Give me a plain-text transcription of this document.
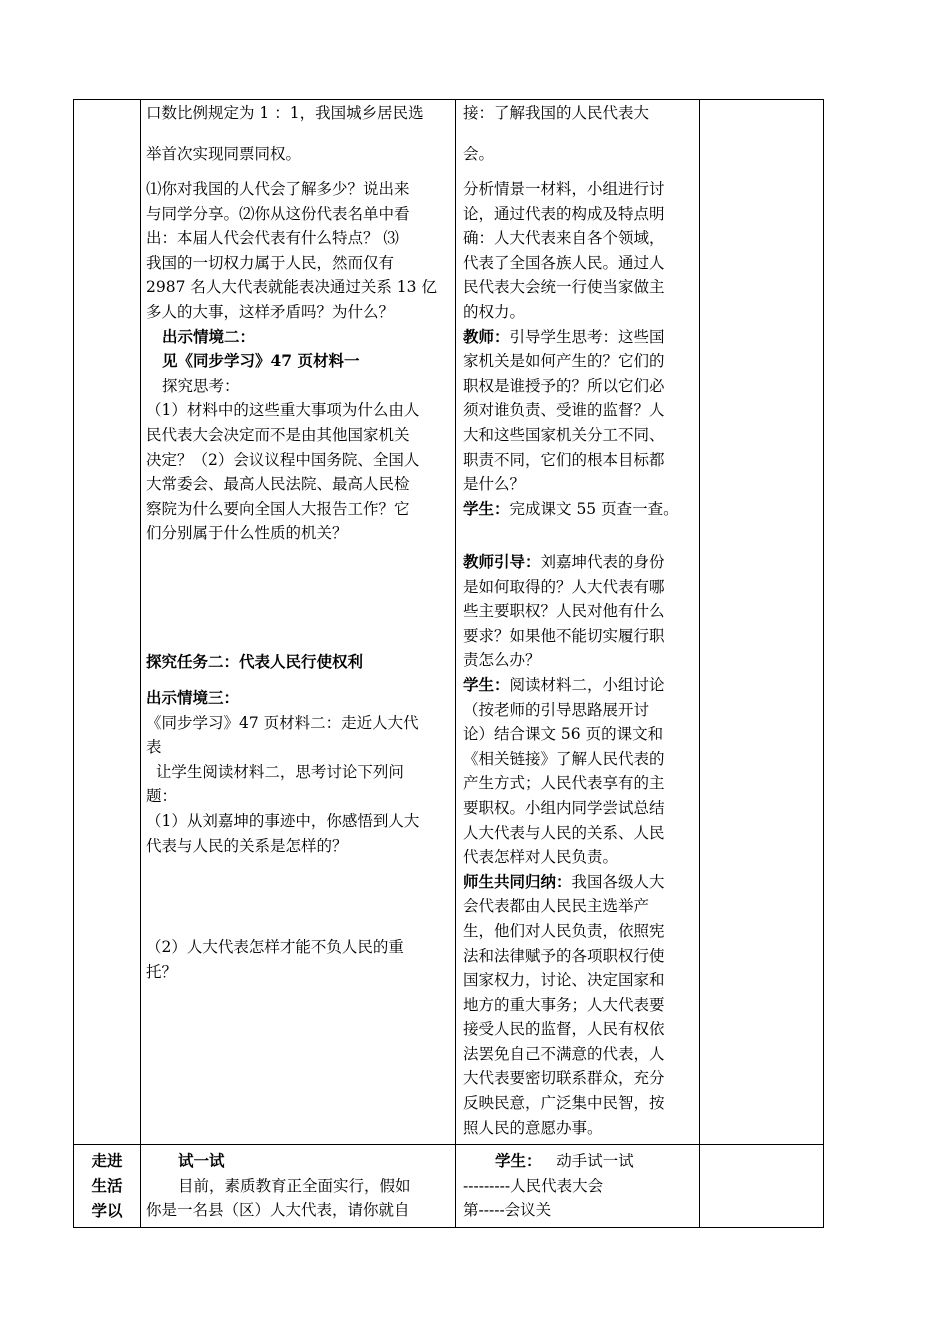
口数比例规定为 1 ：1，我国城乡居民选
举首次实现同票同权。
⑴你对我国的人代会了解多少？说出来
与同学分享。⑵你从这份代表名单中看
出：本届人代会代表有什么特点？ ⑶
我国的一切权力属于人民，然而仅有
2987 名人大代表就能表决通过关系 13 亿
多人的大事，这样矛盾吗？为什么？
出示情境二：
见《同步学习》47 页材料一
探究思考：
（1）材料中的这些重大事项为什么由人
民代表大会决定而不是由其他国家机关
决定？（2）会议议程中国务院、全国人
大常委会、最高人民法院、最高人民检
察院为什么要向全国人大报告工作？它
们分别属于什么性质的机关？
探究任务二：代表人民行使权利
出示情境三：
《同步学习》47 页材料二：走近人大代
表
让学生阅读材料二，思考讨论下列问
题：
（1）从刘嘉坤的事迹中，你感悟到人大
代表与人民的关系是怎样的？
（2）人大代表怎样才能不负人民的重
托？
接：了解我国的人民代表大
会。
分析情景一材料，小组进行讨
论，通过代表的构成及特点明
确：人大代表来自各个领域，
代表了全国各族人民。通过人
民代表大会统一行使当家做主
的权力。
教师：引导学生思考：这些国
家机关是如何产生的？它们的
职权是谁授予的？所以它们必
须对谁负责、受谁的监督？人
大和这些国家机关分工不同、
职责不同，它们的根本目标都
是什么？
学生：完成课文 55 页查一查。
教师引导：刘嘉坤代表的身份
是如何取得的？人大代表有哪
些主要职权？人民对他有什么
要求？如果他不能切实履行职
责怎么办？
学生：阅读材料二，小组讨论
（按老师的引导思路展开讨
论）结合课文 56 页的课文和
《相关链接》了解人民代表的
产生方式；人民代表享有的主
要职权。小组内同学尝试总结
人大代表与人民的关系、人民
代表怎样对人民负责。
师生共同归纳：我国各级人大
会代表都由人民民主选举产
生，他们对人民负责，依照宪
法和法律赋予的各项职权行使
国家权力，讨论、决定国家和
地方的重大事务；人大代表要
接受人民的监督，人民有权依
法罢免自己不满意的代表，人
大代表要密切联系群众，充分
反映民意，广泛集中民智，按
照人民的意愿办事。
走进
生活
学以
试一试
目前，素质教育正全面实行，假如
你是一名县（区）人大代表，请你就自
学生： 动手试一试
---------人民代表大会
第-----会议关
